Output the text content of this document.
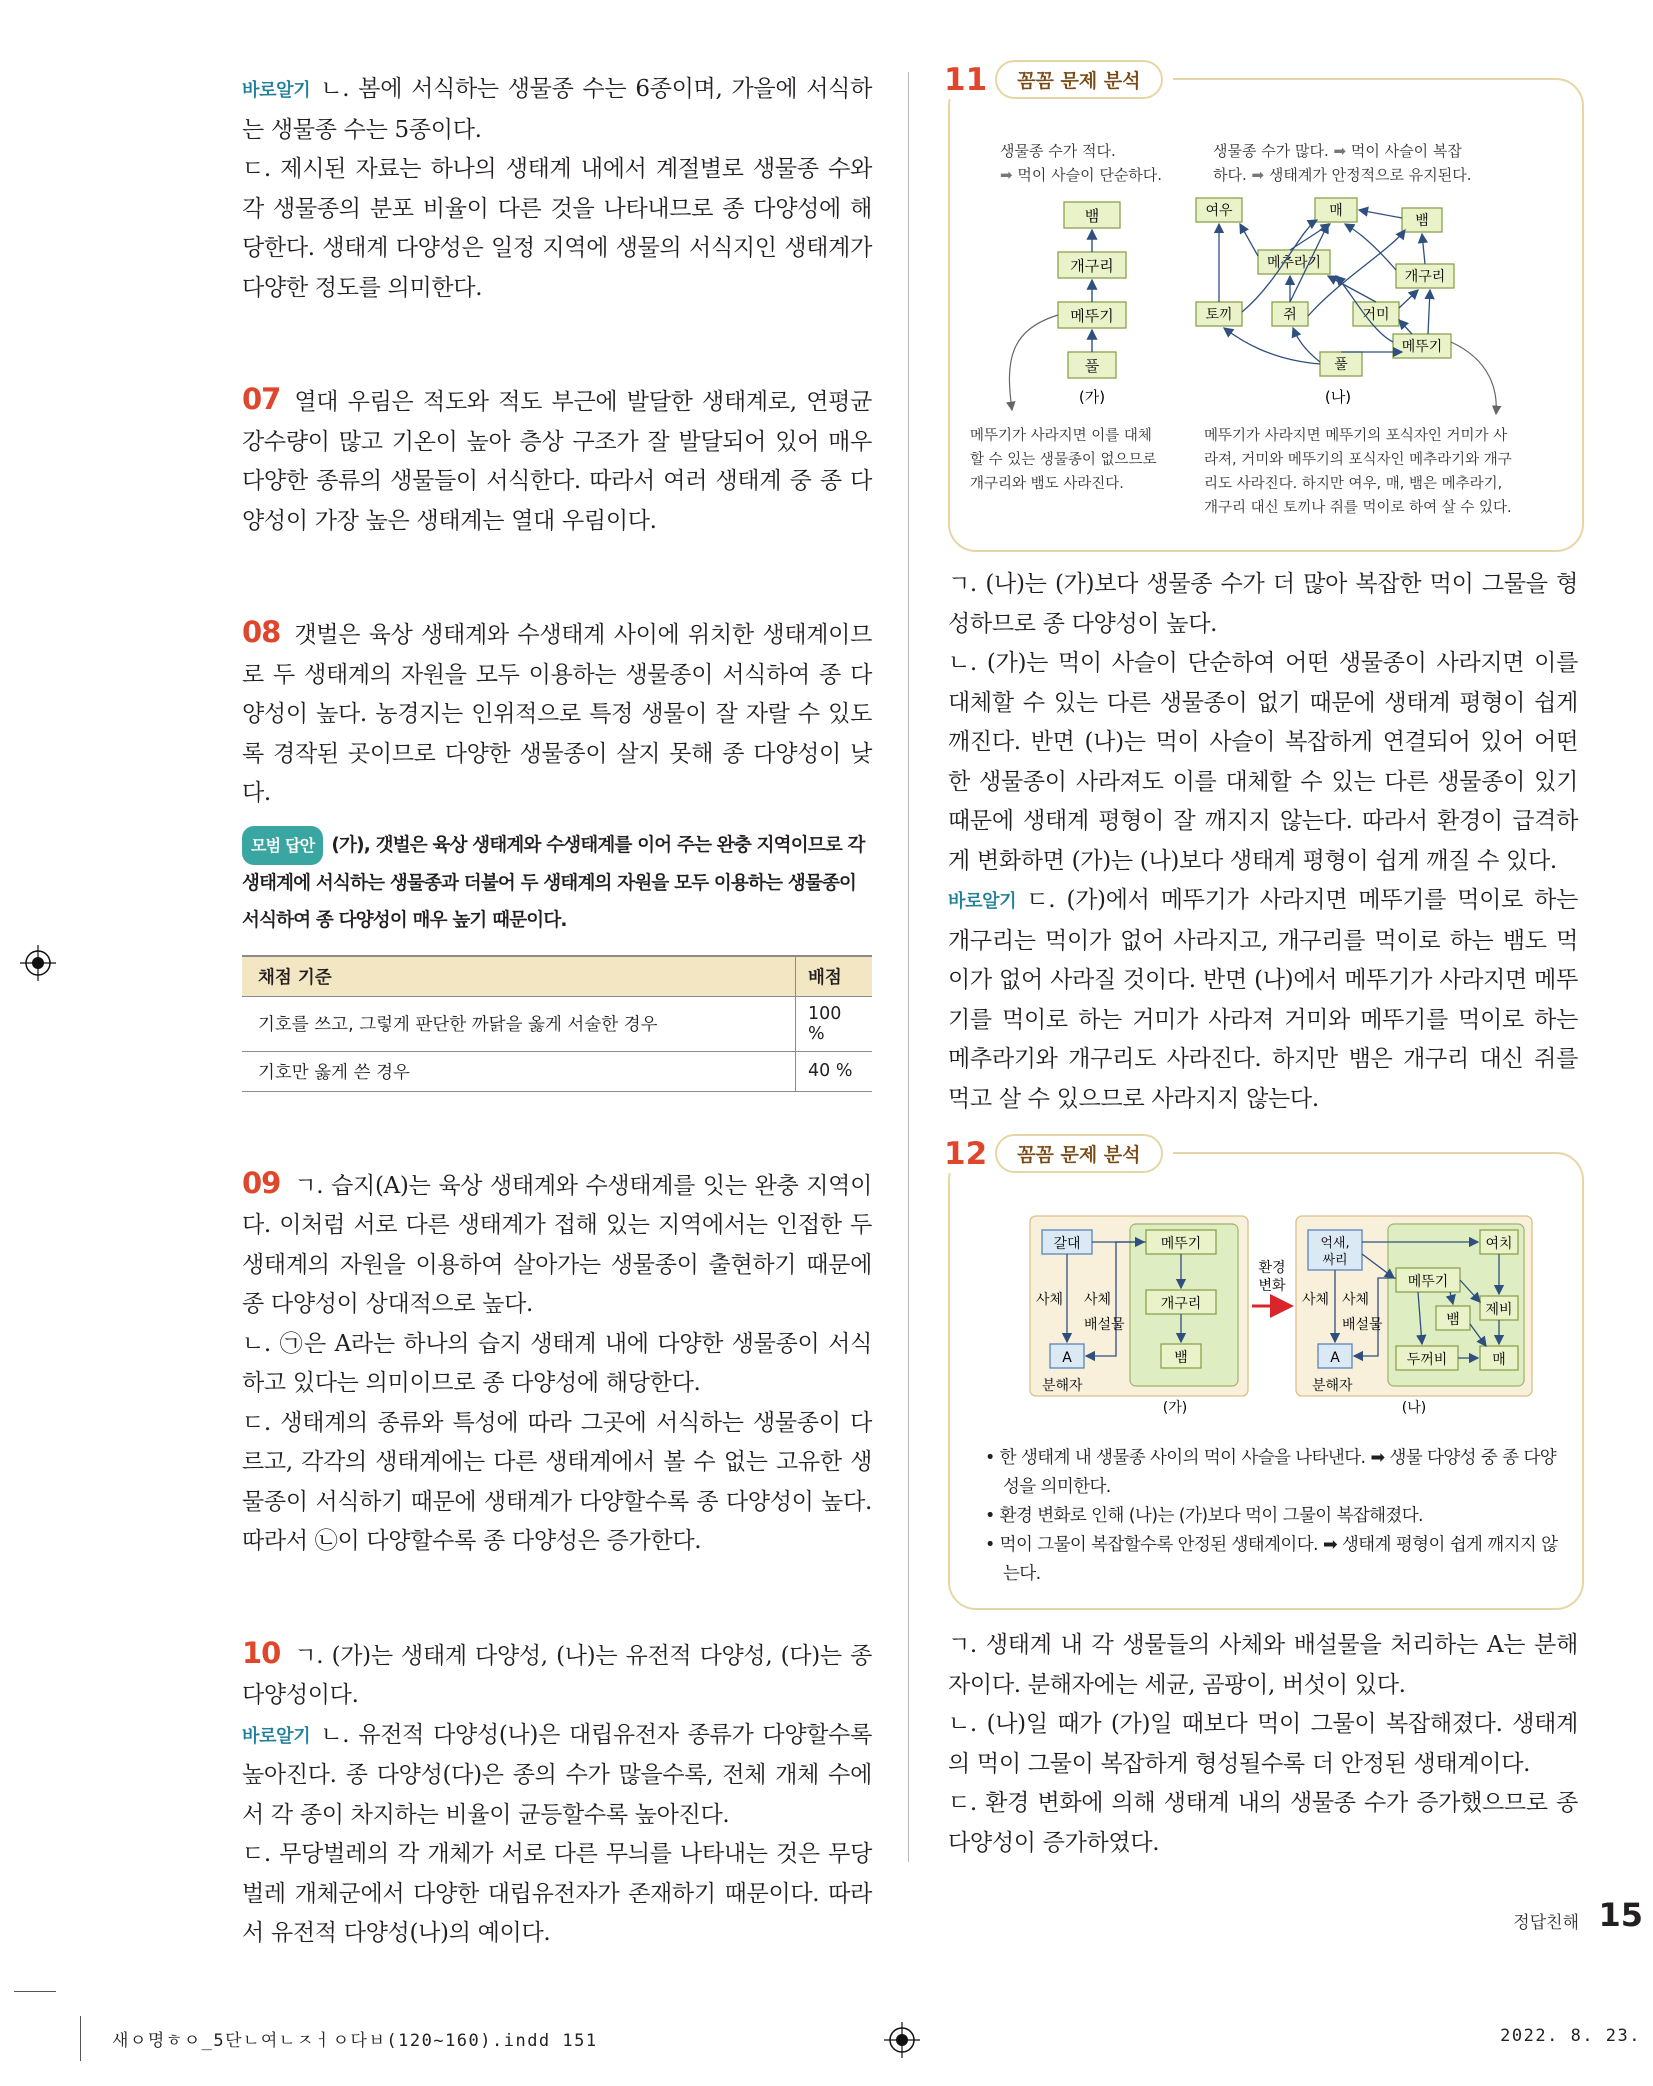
바로알기 ㄴ. 봄에 서식하는 생물종 수는 6종이며, 가을에 서식하는 생물종 수는 5종이다.

ㄷ. 제시된 자료는 하나의 생태계 내에서 계절별로 생물종 수와 각 생물종의 분포 비율이 다른 것을 나타내므로 종 다양성에 해당한다. 생태계 다양성은 일정 지역에 생물의 서식지인 생태계가 다양한 정도를 의미한다.

07 열대 우림은 적도와 적도 부근에 발달한 생태계로, 연평균 강수량이 많고 기온이 높아 층상 구조가 잘 발달되어 있어 매우 다양한 종류의 생물들이 서식한다. 따라서 여러 생태계 중 종 다양성이 가장 높은 생태계는 열대 우림이다.

08 갯벌은 육상 생태계와 수생태계 사이에 위치한 생태계이므로 두 생태계의 자원을 모두 이용하는 생물종이 서식하여 종 다양성이 높다. 농경지는 인위적으로 특정 생물이 잘 자랄 수 있도록 경작된 곳이므로 다양한 생물종이 살지 못해 종 다양성이 낮다.

모범 답안 (가), 갯벌은 육상 생태계와 수생태계를 이어 주는 완충 지역이므로 각 생태계에 서식하는 생물종과 더불어 두 생태계의 자원을 모두 이용하는 생물종이 서식하여 종 다양성이 매우 높기 때문이다.

채점 기준	배점
기호를 쓰고, 그렇게 판단한 까닭을 옳게 서술한 경우	100 %
기호만 옳게 쓴 경우	40 %

09 ㄱ. 습지(A)는 육상 생태계와 수생태계를 잇는 완충 지역이다. 이처럼 서로 다른 생태계가 접해 있는 지역에서는 인접한 두 생태계의 자원을 이용하여 살아가는 생물종이 출현하기 때문에 종 다양성이 상대적으로 높다.

ㄴ. ㉠은 A라는 하나의 습지 생태계 내에 다양한 생물종이 서식하고 있다는 의미이므로 종 다양성에 해당한다.

ㄷ. 생태계의 종류와 특성에 따라 그곳에 서식하는 생물종이 다르고, 각각의 생태계에는 다른 생태계에서 볼 수 없는 고유한 생물종이 서식하기 때문에 생태계가 다양할수록 종 다양성이 높다. 따라서 ㉡이 다양할수록 종 다양성은 증가한다.

10 ㄱ. (가)는 생태계 다양성, (나)는 유전적 다양성, (다)는 종 다양성이다.

바로알기 ㄴ. 유전적 다양성(나)은 대립유전자 종류가 다양할수록 높아진다. 종 다양성(다)은 종의 수가 많을수록, 전체 개체 수에서 각 종이 차지하는 비율이 균등할수록 높아진다.

ㄷ. 무당벌레의 각 개체가 서로 다른 무늬를 나타내는 것은 무당벌레 개체군에서 다양한 대립유전자가 존재하기 때문이다. 따라서 유전적 다양성(나)의 예이다.

11	꼼꼼 문제 분석
생물종 수가 적다.
➡ 먹이 사슬이 단순하다.
생물종 수가 많다. ➡ 먹이 사슬이 복잡
하다. ➡ 생태계가 안정적으로 유지된다.
뱀
개구리
메뚜기
풀
(가)
여우	매
뱀
메추라기
개구리
토끼	쥐	거미
메뚜기
풀
(나)
메뚜기가 사라지면 이를 대체
할 수 있는 생물종이 없으므로
개구리와 뱀도 사라진다.
메뚜기가 사라지면 메뚜기의 포식자인 거미가 사
라져, 거미와 메뚜기의 포식자인 메추라기와 개구
리도 사라진다. 하지만 여우, 매, 뱀은 메추라기,
개구리 대신 토끼나 쥐를 먹이로 하여 살 수 있다.

ㄱ. (나)는 (가)보다 생물종 수가 더 많아 복잡한 먹이 그물을 형성하므로 종 다양성이 높다.

ㄴ. (가)는 먹이 사슬이 단순하여 어떤 생물종이 사라지면 이를 대체할 수 있는 다른 생물종이 없기 때문에 생태계 평형이 쉽게 깨진다. 반면 (나)는 먹이 사슬이 복잡하게 연결되어 있어 어떤 한 생물종이 사라져도 이를 대체할 수 있는 다른 생물종이 있기 때문에 생태계 평형이 잘 깨지지 않는다. 따라서 환경이 급격하게 변화하면 (가)는 (나)보다 생태계 평형이 쉽게 깨질 수 있다.

바로알기 ㄷ. (가)에서 메뚜기가 사라지면 메뚜기를 먹이로 하는 개구리는 먹이가 없어 사라지고, 개구리를 먹이로 하는 뱀도 먹이가 없어 사라질 것이다. 반면 (나)에서 메뚜기가 사라지면 메뚜기를 먹이로 하는 거미가 사라져 거미와 메뚜기를 먹이로 하는 메추라기와 개구리도 사라진다. 하지만 뱀은 개구리 대신 쥐를 먹고 살 수 있으므로 사라지지 않는다.

12	꼼꼼 문제 분석
갈대	메뚜기
개구리
뱀
A
사체 사체
배설물
분해자
(가)
환경
변화
억새,
싸리
여치
메뚜기
제비
뱀
두꺼비	매
A
사체 사체
배설물
분해자
(나)
• 한 생태계 내 생물종 사이의 먹이 사슬을 나타낸다. ➡ 생물 다양성 중 종 다양성을 의미한다.
• 환경 변화로 인해 (나)는 (가)보다 먹이 그물이 복잡해졌다.
• 먹이 그물이 복잡할수록 안정된 생태계이다. ➡ 생태계 평형이 쉽게 깨지지 않는다.

ㄱ. 생태계 내 각 생물들의 사체와 배설물을 처리하는 A는 분해자이다. 분해자에는 세균, 곰팡이, 버섯이 있다.

ㄴ. (나)일 때가 (가)일 때보다 먹이 그물이 복잡해졌다. 생태계의 먹이 그물이 복잡하게 형성될수록 더 안정된 생태계이다.

ㄷ. 환경 변화에 의해 생태계 내의 생물종 수가 증가했으므로 종 다양성이 증가하였다.

정답친해 15
새ㅇ명ㅎㅇ_5단ㄴ여ㄴㅈㅓㅇ다ㅂ(120~160).indd 151	2022. 8. 23.
